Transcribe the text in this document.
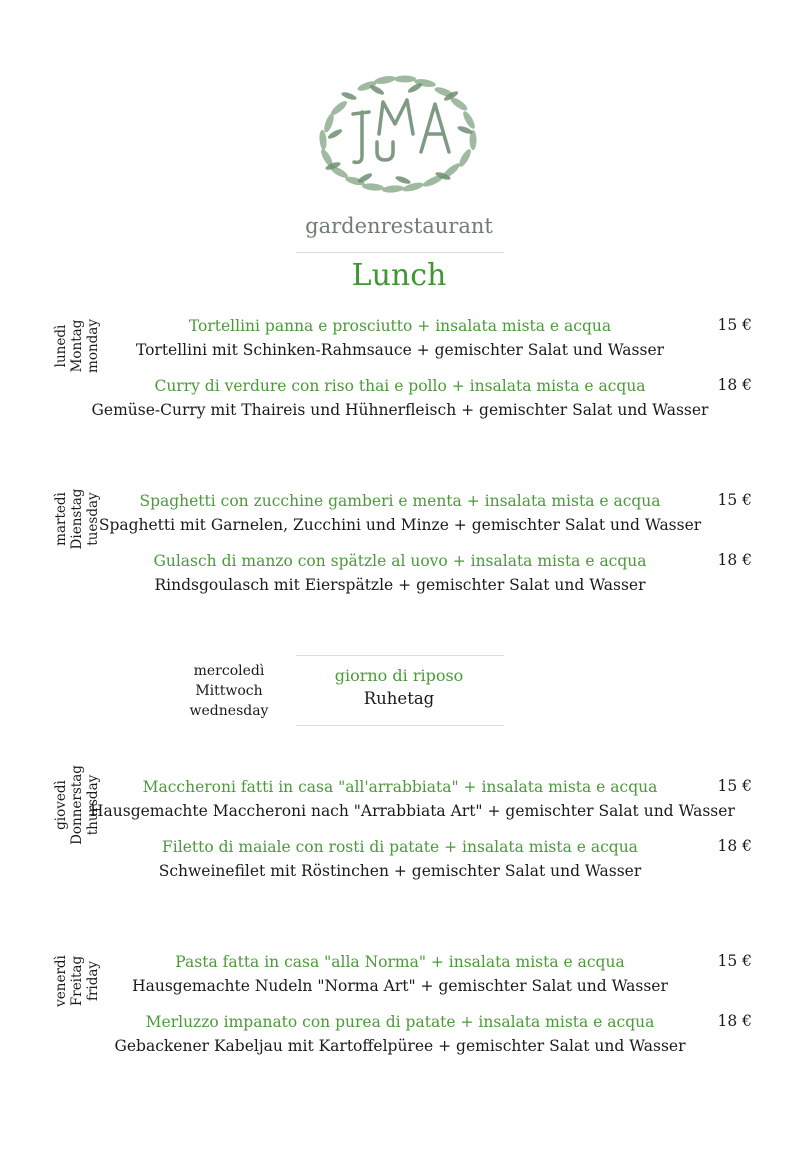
gardenrestaurant
Lunch
lunedì Montag monday	Tortellini panna e prosciutto + insalata mista e acqua
Tortellini mit Schinken-Rahmsauce + gemischter Salat und Wasser
15 €
Curry di verdure con riso thai e pollo + insalata mista e acqua
Gemüse-Curry mit Thaireis und Hühnerfleisch + gemischter Salat und Wasser
18 €
martedì Dienstag tuesday	Spaghetti con zucchine gamberi e menta + insalata mista e acqua
Spaghetti mit Garnelen, Zucchini und Minze + gemischter Salat und Wasser
15 €
Gulasch di manzo con spätzle al uovo + insalata mista e acqua
Rindsgoulasch mit Eierspätzle + gemischter Salat und Wasser
18 €
mercoledì
Mittwoch
wednesday
giorno di riposo
Ruhetag
giovedì Donnerstag thursday	Maccheroni fatti in casa "all'arrabbiata" + insalata mista e acqua
Hausgemachte Maccheroni nach "Arrabbiata Art" + gemischter Salat und Wasser
15 €
Filetto di maiale con rosti di patate + insalata mista e acqua
Schweinefilet mit Röstinchen + gemischter Salat und Wasser
18 €
venerdì Freitag friday	Pasta fatta in casa "alla Norma" + insalata mista e acqua
Hausgemachte Nudeln "Norma Art" + gemischter Salat und Wasser
15 €
Merluzzo impanato con purea di patate + insalata mista e acqua
Gebackener Kabeljau mit Kartoffelpüree + gemischter Salat und Wasser
18 €
